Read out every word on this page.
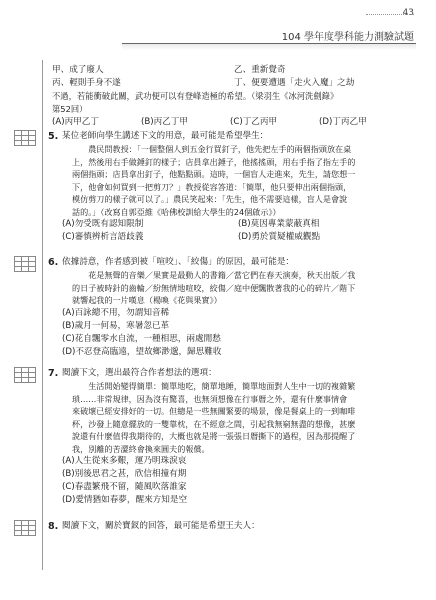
43
104 學年度學科能力測驗試題
甲、成了廢人	乙、重新覺奇
丙、輕則手身不遂	丁、便要遭遇「走火入魔」之劫
不過，若能衝破此關，武功便可以有登峰造極的希望。（梁羽生《冰河洗劍錄》
第52回）
(A)丙甲乙丁	(B)丙乙丁甲	(C)丁乙丙甲	(D)丁丙乙甲

5. 某位老師向學生講述下文的用意，最可能是希望學生：
農民問教授：「一個整個人到五金行買釘子，他先把左手的兩個指頭放在桌
上，然後用右手做錘釘的樣子；店員拿出錘子，他搖搖頭，用右手指了指左手的
兩個指頭；店員拿出釘子，他點點頭。這時，一個盲人走進來，先生，請您想一
下，他會如何買到一把剪刀？」教授從容答道：「簡單，他只要伸出兩個指頭，
模仿剪刀的樣子就可以了。」農民笑起來：「先生，他不需要這樣，盲人是會說
話的。」（改寫自郭亞維《哈佛校訓給大學生的24個啟示》）
(A)勿受既有認知限制	(B)莫因專業蒙蔽真相
(C)審慎辨析言語歧義	(D)勇於質疑權威觀點
6. 依據詩意，作者感到被「喧咬」、「絞傷」的原因，最可能是：
花是無聲的音樂／果實是最動人的書籍／當它們在春天演奏，秋天出版／我
的日子被時針的齒輪／紛無情地喧咬，絞傷／庭中便飄散著我的心的碎片／階下
就響起我的一片嘆息（楊喚《花與果實》）
(A)百詠總不用，勿謂知音稀
(B)歲月一何易，寒暑忽已革
(C)花自飄零水自流，一種相思，兩處閒愁
(D)不忍登高臨遠，望故鄉渺邈，歸思難收
7. 閱讀下文，選出最符合作者想法的選項：
生活開始變得簡單：簡單地吃，簡單地睡，簡單地面對人生中一切的複雜繁
瑣……非常規律，因為沒有驚喜，也無須想像在行事曆之外，還有什麼事情會
來破壞已經安排好的一切。但總是一些無關緊要的場景，像是餐桌上的一到咖啡
杯，沙發上隨意擺放的一雙靠枕，在不經意之間，引起我無窮無盡的想像，甚麼
說還有什麼值得我期待的，大概也就是將一張張日曆撕下的過程，因為那提醒了
我，別離的苦澀終會換來圓夫的報償。
(A)人生從來多艱，運乃明珠淚哀
(B)別後思君之甚，欣信相撞有期
(C)春盡繁飛不留，隨風吹落誰家
(D)愛情猶如春夢，醒來方知是空
8. 閱讀下文，關於寶釵的回答，最可能是希望王夫人：
